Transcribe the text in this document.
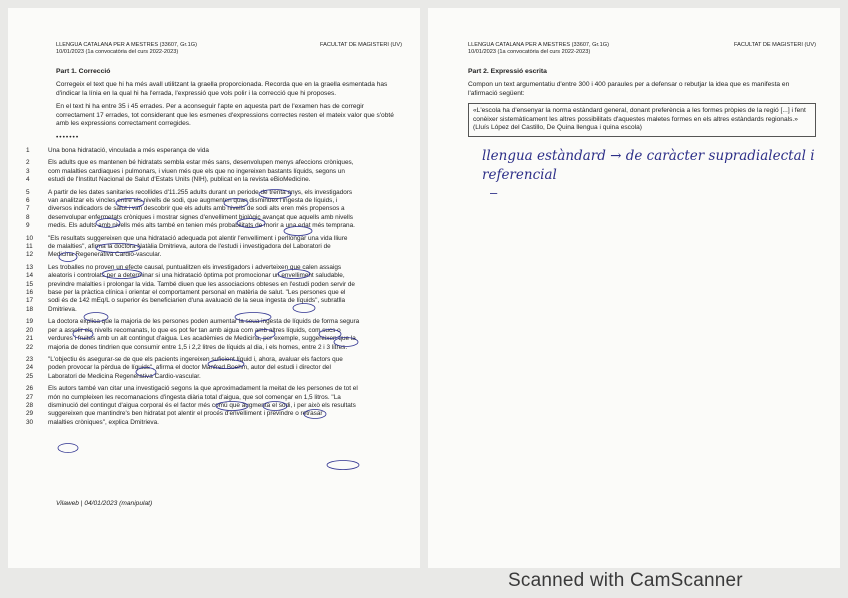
LLENGUA CATALANA PER A MESTRES (33607, Gr.1G)
10/01/2023 (1a convocatòria del curs 2022-2023)
FACULTAT DE MAGISTERI (UV)
Part 1. Correcció

Corregeix el text que hi ha més avall utilitzant la graella proporcionada. Recorda que en la graella esmentada has d'indicar la línia en la qual hi ha l'errada, l'expressió que vols polir i la correcció que hi proposes.

En el text hi ha entre 35 i 45 errades. Per a aconseguir l'apte en aquesta part de l'examen has de corregir correctament 17 errades, tot considerant que les esmenes d'expressions correctes resten el mateix valor que s'obté amb les expressions correctament corregides.

•••••••
1	Una bona hidratació, vinculada a més esperança de vida
2	Els adults que es mantenen bé hidratats sembla estar més sans, desenvolupen menys afeccions cròniques,
3	com malalties cardiaques i pulmonars, i viuen més que els que no ingereixen bastants líquids, segons un
4	estudi de l'Institut Nacional de Salut d'Estats Units (NIH), publicat en la revista eBioMedicine.
5	A partir de les dates sanitaries recollides d'11.255 adults durant un periode de trenta anys, els investigadors
6	van analitzar els vincles entre els nivells de sodi, que augmenten quan disminuex l'ingesta de líquids, i
7	diversos indicadors de salut i van descobrir que els adults amb nivells de sodi alts eren més propensos a
8	desenvolupar enfermetats cròniques i mostrar signes d'envelliment biològic avançat que aquells amb nivells
9	medis. Els adults amb nivells més alts també en tenien més probabilitats de morir a una edat més temprana.
10	"Els resultats suggereixen que una hidratació adequada pot alentir l'envelliment i perllongar una vida lliure
11	de malalties", afirma la doctora Natàlia Dmitrieva, autora de l'estudi i investigadora del Laboratori de
12	Medicina Regenerativa Cardio-vascular.
13	Les troballes no proven un efecte causal, puntualitzen els investigadors i adverteixen que calen assaigs
14	aleatoris i controlats per a determinar si una hidratació òptima pot promocionar un envelliment saludable,
15	previndre malalties i prolongar la vida. També diuen que les associacions obteses en l'estudi poden servir de
16	base per la pràctica clínica i orientar el comportament personal en matèria de salut. "Les persones que el
17	sodi és de 142 mEq/L o superior és beneficiarien d'una avaluació de la seua ingesta de líquids", subratlla
18	Dmitrieva.
19	La doctora explica que la majoria de les persones poden aumentar la seua ingesta de líquids de forma segura
20	per a assolir els nivells recomanats, lo que es pot fer tan amb aigua com amb altres líquids, com sucs o
21	verdures i fruites amb un alt contingut d'aigua. Les acadèmies de Medicina, per exemple, suggereixen que la
22	majoria de dones tindrien que consumir entre 1,5 i 2,2 litres de líquids al dia, i els homes, entre 2 i 3 litres.
23	"L'objectiu és asegurar-se de que els pacients ingereixen suficient líquid i, ahora, avaluar els factors que
24	poden provocar la pèrdua de líquids", afirma el doctor Manfred Boehm, autor del estudi i director del
25	Laboratori de Medicina Regenerativa Cardio-vascular.
26	Els autors també van citar una investigació segons la que aproximadament la meitat de les persones de tot el
27	món no cumpleixen les recomanacions d'ingesta diària total d'aigua, que sol començar en 1,5 litros. "La
28	disminució del contingut d'aigua corporal és el factor més comú que augmenta el sodi, i per això els resultats
29	suggereixen que mantindre's ben hidratat pot alentir el procés d'envelliment i previndre o retrasar
30	malalties cròniques", explica Dmitrieva.
Vilaweb | 04/01/2023 (manipulat)
LLENGUA CATALANA PER A MESTRES (33607, Gr.1G)
10/01/2023 (1a convocatòria del curs 2022-2023)
FACULTAT DE MAGISTERI (UV)
Part 2. Expressió escrita

Compon un text argumentatiu d'entre 300 i 400 paraules per a defensar o rebutjar la idea que es manifesta en l'afirmació següent:

«L'escola ha d'ensenyar la norma estàndard general, donant preferència a les formes pròpies de la regió [...] i fent conèixer sistemàticament les altres possibilitats d'aquestes maletes formes en els altres estàndards regionals.» (Lluís López del Castillo, De Quina llengua i quina escola)
llengua estàndard → de caràcter supradialectal i
referencial
–
Scanned with CamScanner
